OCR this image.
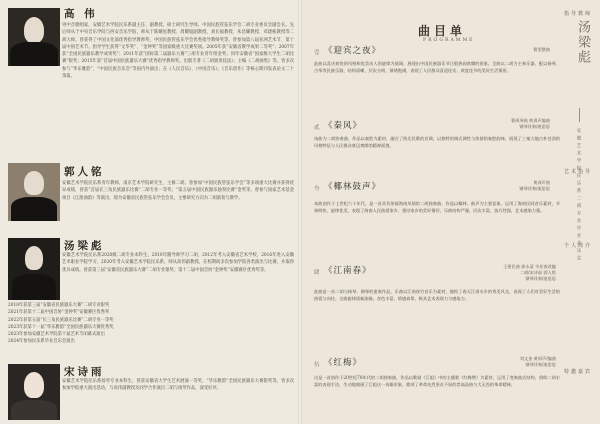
高 伟	指导教师
男中音歌唱家，安徽艺术学院民乐系副主任、副教授，硕士研究生导师。中国民族管弦乐学会二胡专业委员会副会长。先后师从于中央音乐学院与西安音乐学院，师从于陈耀星教授、周耀锟副教授、刘长福教授、朱昌耀教授、邓建栋教授等二胡大师。曾获得了中国文化部优秀指导教师奖、中国民族管弦乐学会优秀指导教师奖等。曾参加第八届亚洲艺术节、第十届中国艺术节。指导学生获得“文华奖”、“金钟奖”等国家级重大比赛奖项。2005年获“安徽省教学成果二等奖”；2007年获“全国民族器乐教学成果奖”；2011年获“国际第二届器乐大赛”三胡专业青年组金奖；同年安徽省“国家级大学生二胡比赛”银奖；2015年获“首届中国民族器乐大赛”优秀指导教师奖。出版专著《二胡演奏技法》；主编《二胡曲集》等。曾多次参与“华乐雅韵”、“中国民族音乐会”等国内外演出；在《人民音乐》、《中国音乐》、《音乐创作》等核心期刊发表论文二十余篇。
郭人铭	艺术指导
安徽艺术学院民乐系青年教师，南京艺术学院研究生，主修二胡。曾参加“中国民族管弦乐学会”等多项重大比赛并获得优异成绩，曾获“首届长三角民族器乐比赛”二胡专业一等奖；“第五届中国民族器乐独奏比赛”金奖等。曾参与国家艺术基金项目《江淮曲韵》等演出，现为安徽省民族管弦乐学会会员，主要研究方向为二胡演奏与教学。
汤梁彪	个人简介
安徽艺术学院民乐系2020级二胡专业本科生，2010年随导师学习二胡，2012年考入安徽省艺术学校，2016年进入安徽艺术职业学院学习，2020年考入安徽艺术学院民乐系，师从高伟副教授。在校期间多次参加学院各类演出与比赛，并取得优异成绩。曾获第三届“安徽省民族器乐大赛”二胡专业银奖；第十二届中国音协“金钟奖”安徽赛区优秀奖等。
2018年获第三届“安徽省民族器乐大赛”二胡专业银奖
2021年获第十二届中国音协“金钟奖”安徽赛区优秀奖
2022年获第五届“长三角民族器乐比赛”二胡专业一等奖
2023年获第十一届“华乐雅韵”全国民族器乐大赛优秀奖
2023年参加安徽艺术学院第十届艺术节闭幕式演出
2024年参加民乐系毕业音乐会演出
宋诗雨	特邀嘉宾
安徽艺术学院民乐系扬琴专业本科生，曾获安徽省大学生艺术展演一等奖、“华乐雅韵”全国民族器乐大赛银奖等。曾多次参加学院重大演出活动，与高伟副教授及同学合作演出二胡与扬琴作品，深受好评。
曲目单
PROGRAMME
壹 《迎宾之夜》	曹雯整曲
此曲以喜庆欢快的风格和优美动人的旋律为基调，展现出中国民族器乐节日般热闹欢腾的景象。全曲以二胡为主奏乐器，配以扬琴、古筝等民族乐器，结构清晰、层次分明、情绪饱满，表现了人民群众喜迎佳宾、欢度佳节的美好生活情景。
贰 《秦风》
曹禺琴曲 黄训声编曲
钢琴伴奏/庞思思
该曲为二胡协奏曲，作品以秦腔为素材，融合了陕北民歌的音调，以独特的调式调性与浓郁的秦腔韵味，展现了三秦大地古朴苍劲的风格特征与人民群众豪迈爽朗的精神面貌。
叁 《椰林鼓声》	黄训声曲
钢琴伴奏/庞思思
本曲创作于上世纪六十年代，是一首具有浓郁海南风情的二胡独奏曲。作品以椰林、鼓声为主要意象，运用了海南民间音乐素材，节奏明快、旋律优美，表现了海南人民热爱家乡、建设家乡的美好情怀，乐曲结构严谨，层次丰富，技巧性强，艺术感染力强。
肆 《江南春》	王建民曲 郭永清 韦亚南改编
二胡/宋诗雨 郭人铭
钢琴伴奏/庞思思
此曲是一首二胡与扬琴、钢琴的重奏作品，乐曲以江南丝竹音乐为素材，描绘了春天江南水乡的秀美风光，表现了人们对美好生活的热爱与向往。全曲旋律清新流畅，音色丰富，情感真挚，极具艺术表现力与感染力。
伍 《红梅》	刘文金 黄训声/编曲
钢琴伴奏/庞思思
这是一首创作于20世纪70年代的二胡独奏曲，作品以歌剧《江姐》中的主题歌《红梅赞》为素材，运用了变奏曲式结构，借助二胡丰富的表现手法，生动地刻画了江姐这一英雄形象，歌颂了革命先烈坚贞不屈的崇高品格与大无畏的革命精神。
汤梁彪
安徽艺术学院民乐系二胡专业毕业音乐会
